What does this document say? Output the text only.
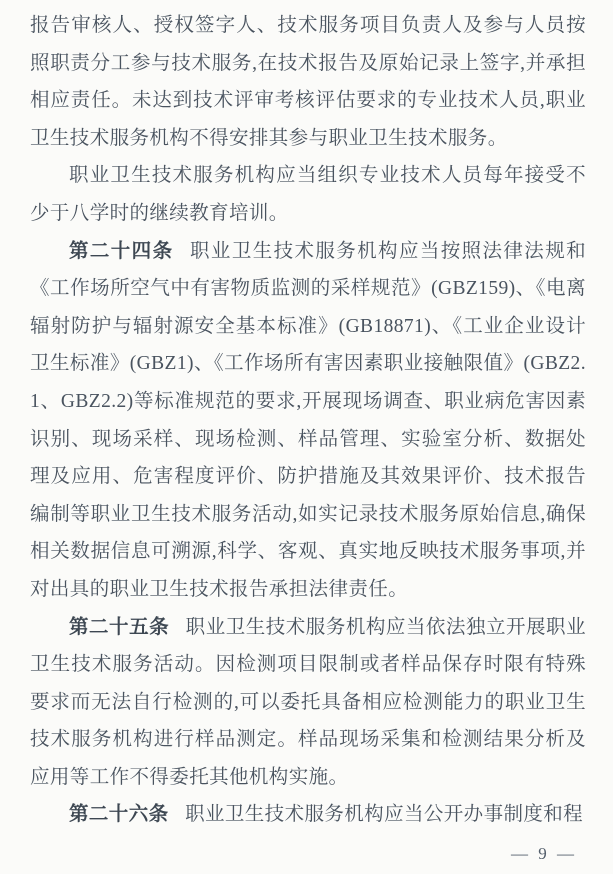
报告审核人、授权签字人、技术服务项目负责人及参与人员按照职责分工参与技术服务,在技术报告及原始记录上签字,并承担相应责任。未达到技术评审考核评估要求的专业技术人员,职业卫生技术服务机构不得安排其参与职业卫生技术服务。

职业卫生技术服务机构应当组织专业技术人员每年接受不少于八学时的继续教育培训。

第二十四条 职业卫生技术服务机构应当按照法律法规和《工作场所空气中有害物质监测的采样规范》(GBZ159)、《电离辐射防护与辐射源安全基本标准》(GB18871)、《工业企业设计卫生标准》(GBZ1)、《工作场所有害因素职业接触限值》(GBZ2.1、GBZ2.2)等标准规范的要求,开展现场调查、职业病危害因素识别、现场采样、现场检测、样品管理、实验室分析、数据处理及应用、危害程度评价、防护措施及其效果评价、技术报告编制等职业卫生技术服务活动,如实记录技术服务原始信息,确保相关数据信息可溯源,科学、客观、真实地反映技术服务事项,并对出具的职业卫生技术报告承担法律责任。

第二十五条 职业卫生技术服务机构应当依法独立开展职业卫生技术服务活动。因检测项目限制或者样品保存时限有特殊要求而无法自行检测的,可以委托具备相应检测能力的职业卫生技术服务机构进行样品测定。样品现场采集和检测结果分析及应用等工作不得委托其他机构实施。

第二十六条 职业卫生技术服务机构应当公开办事制度和程

— 9 —
